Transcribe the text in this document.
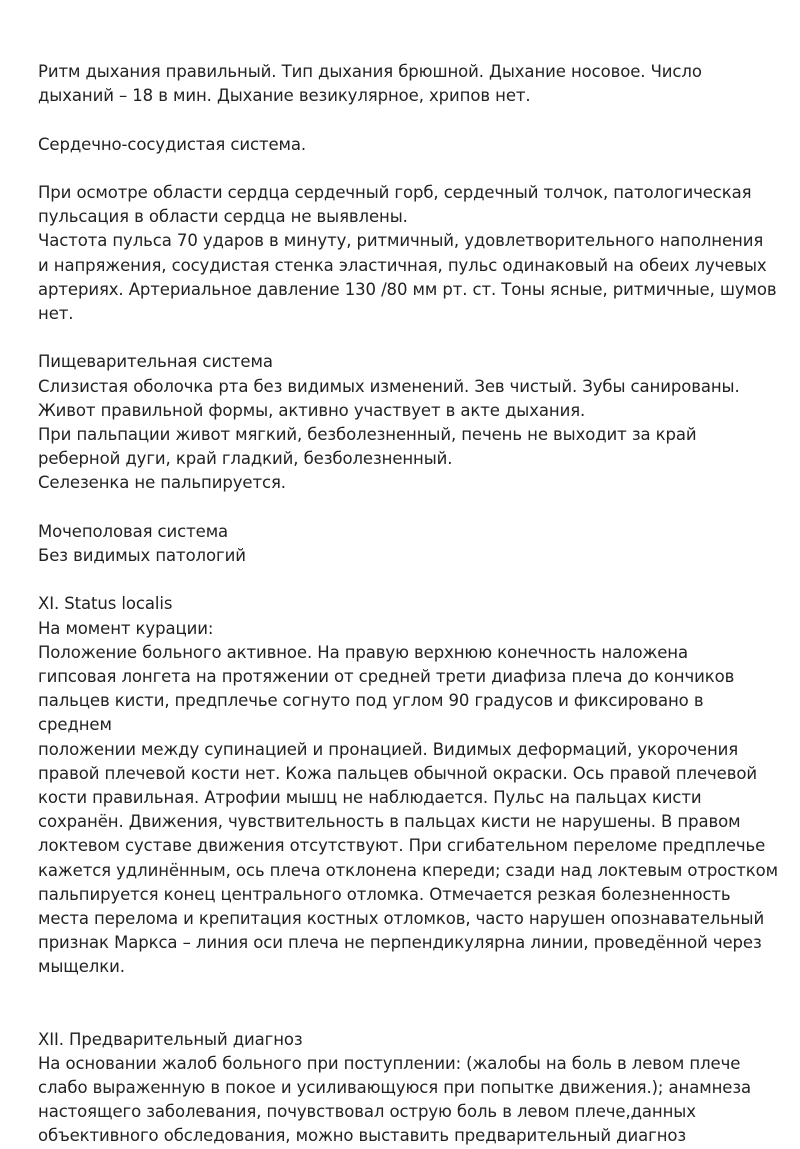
Ритм дыхания правильный. Тип дыхания брюшной. Дыхание носовое. Число
дыханий – 18 в мин. Дыхание везикулярное, хрипов нет.

Сердечно-сосудистая система.

При осмотре области сердца сердечный горб, сердечный толчок, патологическая
пульсация в области сердца не выявлены.
Частота пульса 70 ударов в минуту, ритмичный, удовлетворительного наполнения
и напряжения, сосудистая стенка эластичная, пульс одинаковый на обеих лучевых
артериях. Артериальное давление 130 /80 мм рт. ст. Тоны ясные, ритмичные, шумов
нет.

Пищеварительная система

Слизистая оболочка рта без видимых изменений. Зев чистый. Зубы санированы.
Живот правильной формы, активно участвует в акте дыхания.
При пальпации живот мягкий, безболезненный, печень не выходит за край
реберной дуги, край гладкий, безболезненный.
Селезенка не пальпируется.

Мочеполовая система

Без видимых патологий

XI. Status localis

На момент курации:

Положение больного активное. На правую верхнюю конечность наложена
гипсовая лонгета на протяжении от средней трети диафиза плеча до кончиков
пальцев кисти, предплечье согнуто под углом 90 градусов и фиксировано в среднем
положении между супинацией и пронацией. Видимых деформаций, укорочения
правой плечевой кости нет. Кожа пальцев обычной окраски. Ось правой плечевой
кости правильная. Атрофии мышц не наблюдается. Пульс на пальцах кисти
сохранён. Движения, чувствительность в пальцах кисти не нарушены. В правом
локтевом суставе движения отсутствуют. При сгибательном переломе предплечье
кажется удлинённым, ось плеча отклонена кпереди; сзади над локтевым отростком
пальпируется конец центрального отломка. Отмечается резкая болезненность
места перелома и крепитация костных отломков, часто нарушен опознавательный
признак Маркса – линия оси плеча не перпендикулярна линии, проведённой через
мыщелки.

XII. Предварительный диагноз

На основании жалоб больного при поступлении: (жалобы на боль в левом плече
слабо выраженную в покое и усиливающуюся при попытке движения.); анамнеза
настоящего заболевания, почувствовал острую боль в левом плече,данных
объективного обследования, можно выставить предварительный диагноз
